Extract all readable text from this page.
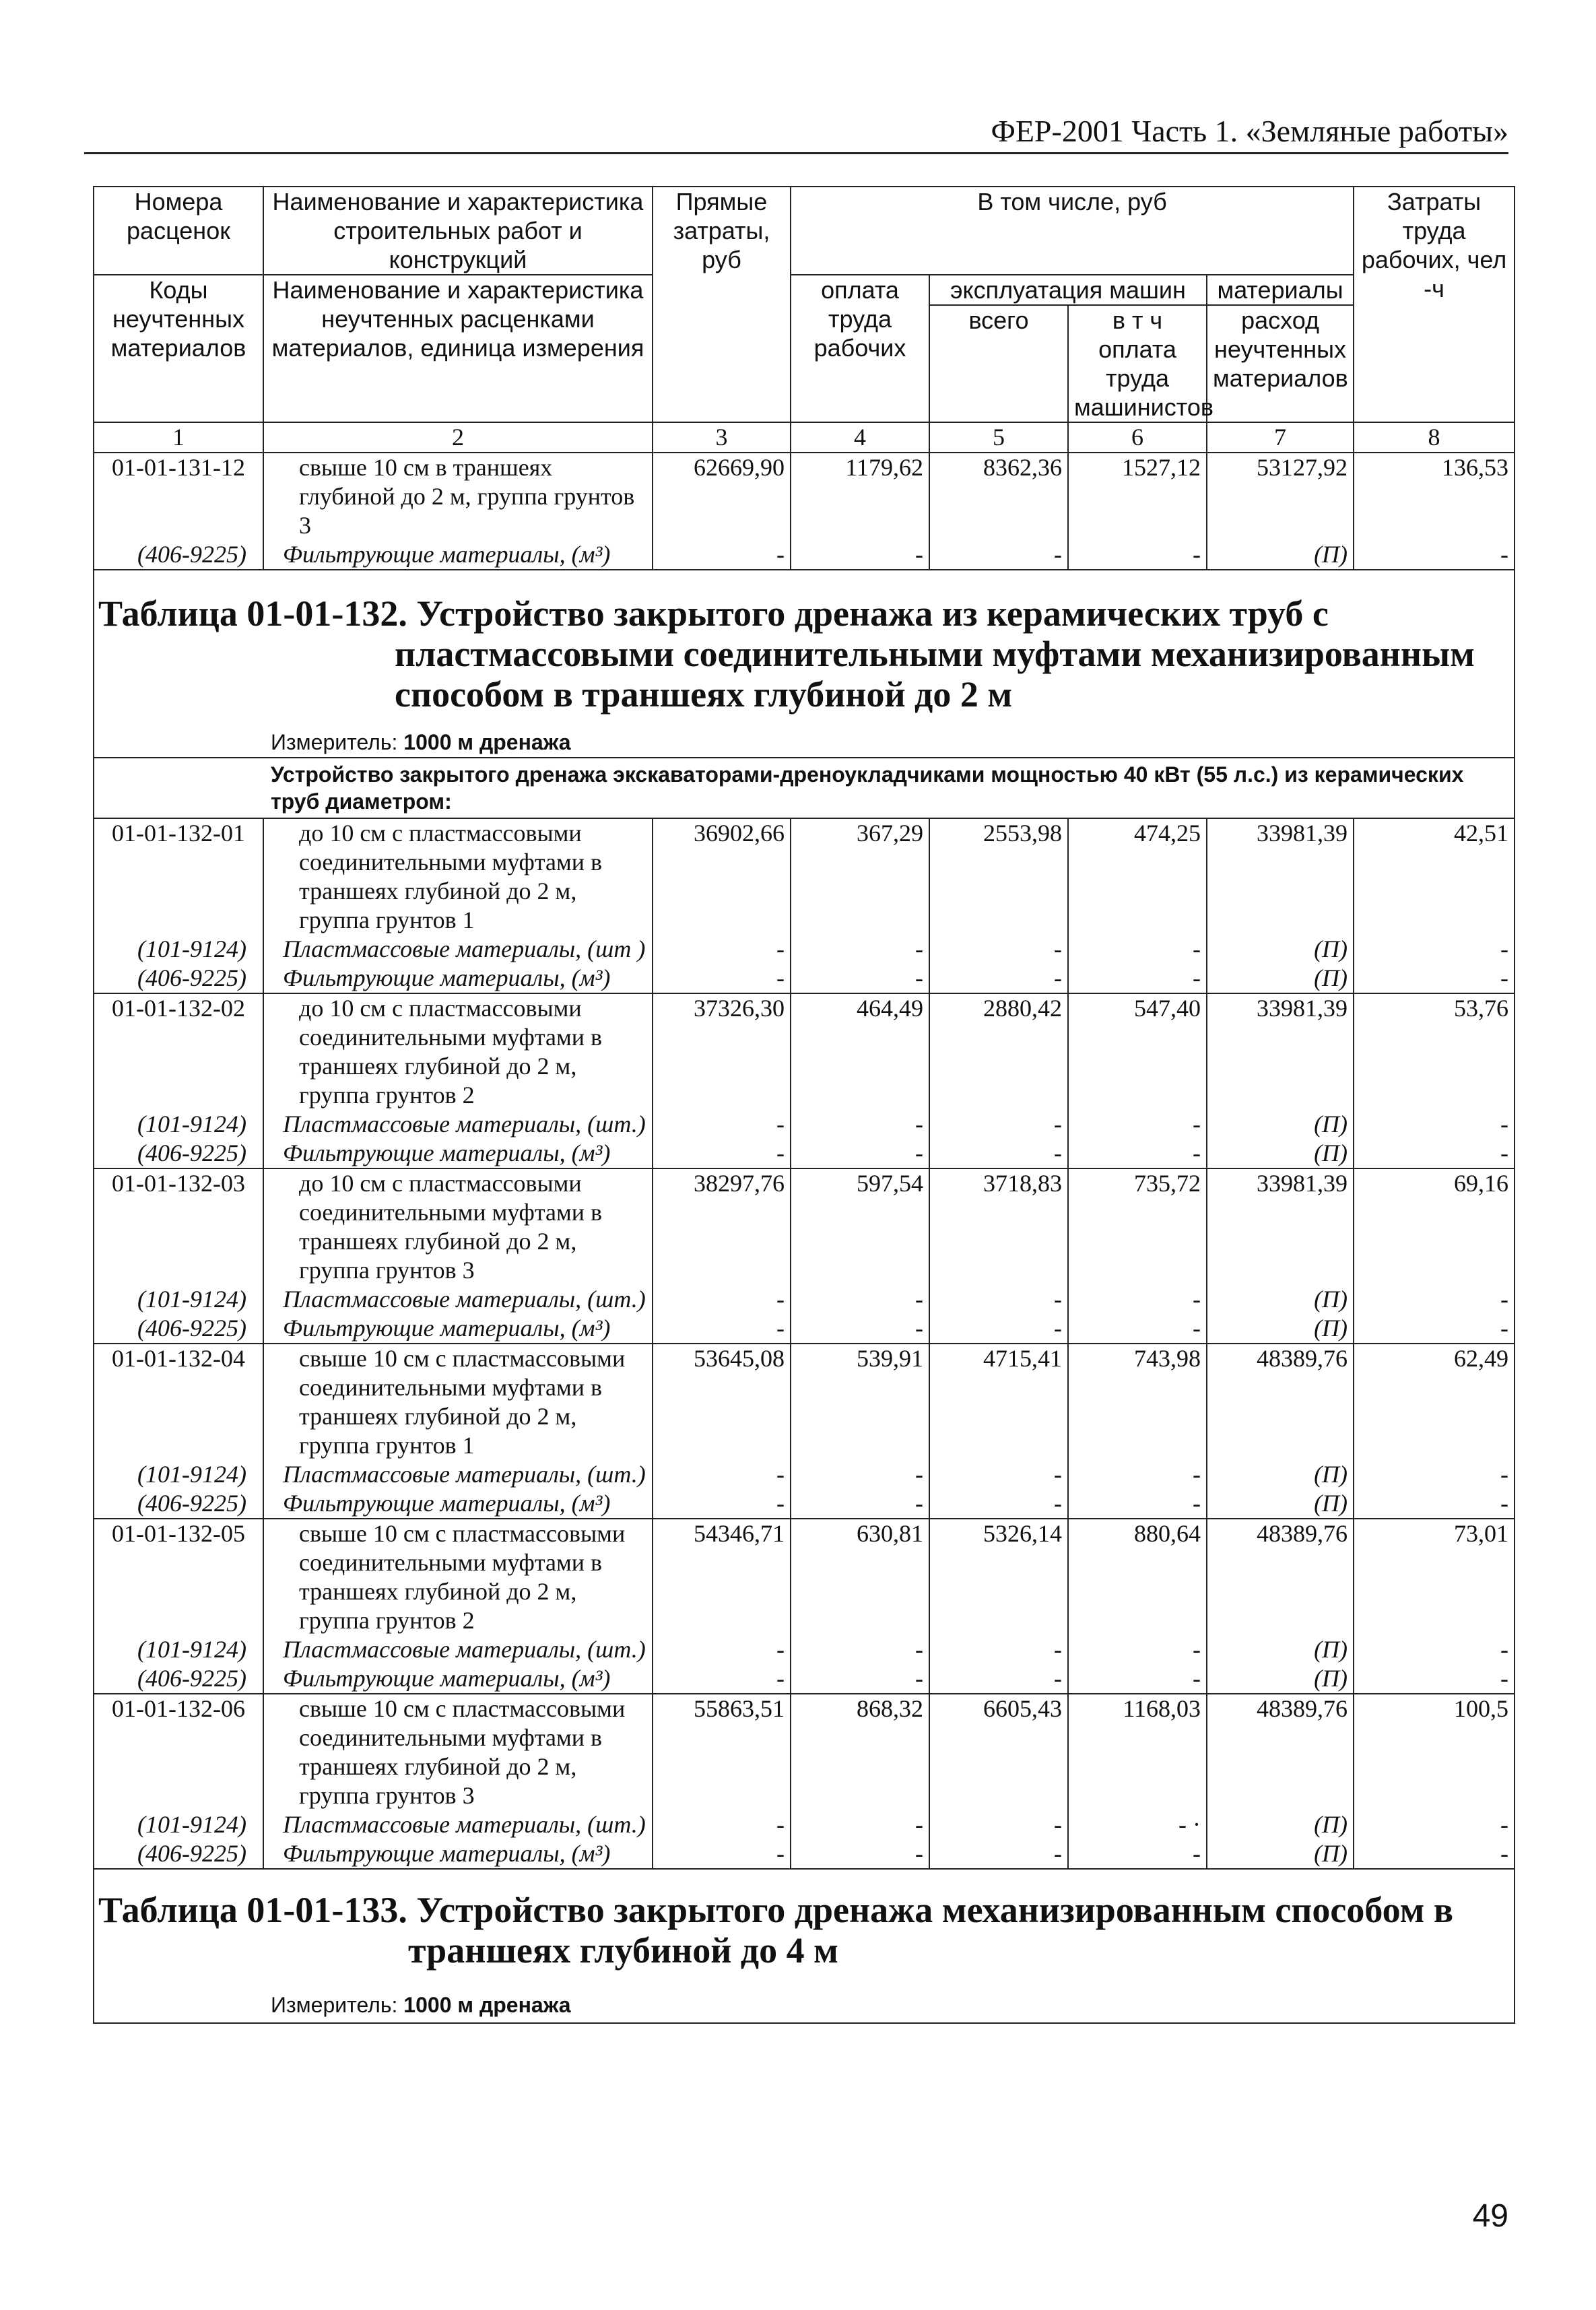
ФЕР-2001 Часть 1. «Земляные работы»
Номера расценок	Наименование и характеристика строительных работ и конструкций	Прямые затраты, руб	В том числе, руб				Затраты труда рабочих, чел -ч
Коды неучтенных материалов	Наименование и характеристика неучтенных расценками материалов, единица измерения		оплата труда рабочих	эксплуатация машин		материалы	
				всего	в т ч оплата труда машинистов	расход неучтенных материалов	
1	2	3	4	5	6	7	8
01-01-131-12	свыше 10 см в траншеях глубиной до 2 м, группа грунтов 3	62669,90	1179,62	8362,36	1527,12	53127,92	136,53
(406-9225)	Фильтрующие материалы, (м³)	-	-	-	-	(П)	-

Таблица 01-01-132. Устройство закрытого дренажа из керамических труб с
пластмассовыми соединительными муфтами механизированным
способом в траншеях глубиной до 2 м
Измеритель: 1000 м дренажа
Устройство закрытого дренажа экскаваторами-дреноукладчиками мощностью 40 кВт (55 л.с.) из керамических труб диаметром:							

01-01-132-01	до 10 см с пластмассовыми соединительными муфтами в траншеях глубиной до 2 м, группа грунтов 1	36902,66	367,29	2553,98	474,25	33981,39	42,51
(101-9124)	Пластмассовые материалы, (шт )	-	-	-	-	(П)	-
(406-9225)	Фильтрующие материалы, (м³)	-	-	-	-	(П)	-
01-01-132-02	до 10 см с пластмассовыми соединительными муфтами в траншеях глубиной до 2 м, группа грунтов 2	37326,30	464,49	2880,42	547,40	33981,39	53,76
(101-9124)	Пластмассовые материалы, (шт.)	-	-	-	-	(П)	-
(406-9225)	Фильтрующие материалы, (м³)	-	-	-	-	(П)	-
01-01-132-03	до 10 см с пластмассовыми соединительными муфтами в траншеях глубиной до 2 м, группа грунтов 3	38297,76	597,54	3718,83	735,72	33981,39	69,16
(101-9124)	Пластмассовые материалы, (шт.)	-	-	-	-	(П)	-
(406-9225)	Фильтрующие материалы, (м³)	-	-	-	-	(П)	-
01-01-132-04	свыше 10 см с пластмассовыми соединительными муфтами в траншеях глубиной до 2 м, группа грунтов 1	53645,08	539,91	4715,41	743,98	48389,76	62,49
(101-9124)	Пластмассовые материалы, (шт.)	-	-	-	-	(П)	-
(406-9225)	Фильтрующие материалы, (м³)	-	-	-	-	(П)	-
01-01-132-05	свыше 10 см с пластмассовыми соединительными муфтами в траншеях глубиной до 2 м, группа грунтов 2	54346,71	630,81	5326,14	880,64	48389,76	73,01
(101-9124)	Пластмассовые материалы, (шт.)	-	-	-	-	(П)	-
(406-9225)	Фильтрующие материалы, (м³)	-	-	-	-	(П)	-
01-01-132-06	свыше 10 см с пластмассовыми соединительными муфтами в траншеях глубиной до 2 м, группа грунтов 3	55863,51	868,32	6605,43	1168,03	48389,76	100,5
(101-9124)	Пластмассовые материалы, (шт.)	-	-	-	- ·	(П)	-
(406-9225)	Фильтрующие материалы, (м³)	-	-	-	-	(П)	-

Таблица 01-01-133. Устройство закрытого дренажа механизированным способом в
траншеях глубиной до 4 м
Измеритель: 1000 м дренажа							
49
